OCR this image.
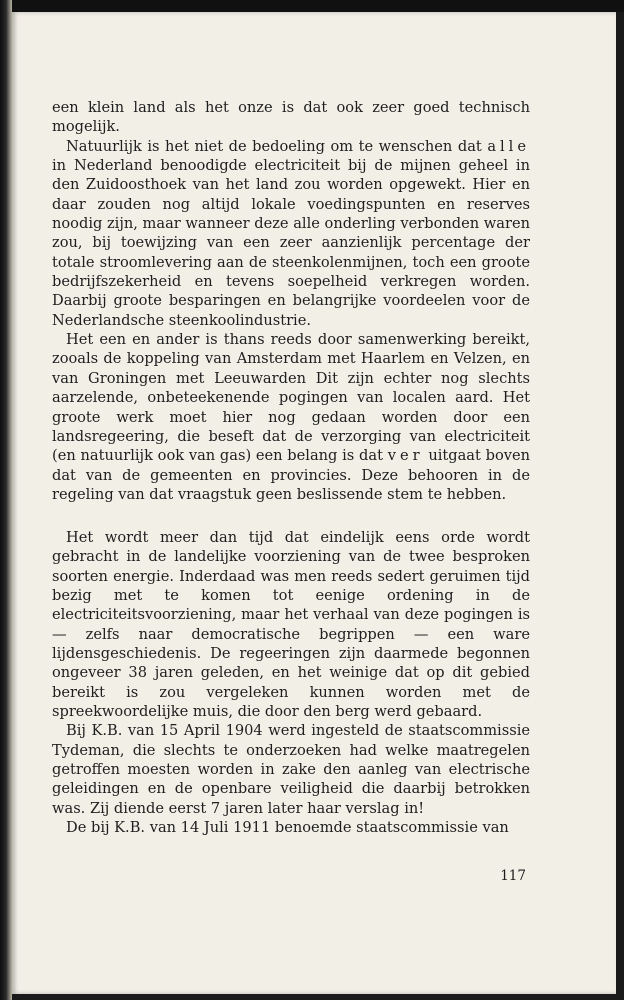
een klein land als het onze is dat ook zeer goed technisch mogelijk.

Natuurlijk is het niet de bedoeling om te wenschen dat alle in Nederland benoodigde electriciteit bij de mijnen geheel in den Zuidoosthoek van het land zou worden opgewekt. Hier en daar zouden nog altijd lokale voedingspunten en reserves noodig zijn, maar wanneer deze alle onderling verbonden waren zou, bij toewijzing van een zeer aanzienlijk percentage der totale stroomlevering aan de steenkolenmijnen, toch een groote bedrijfszekerheid en tevens soepelheid verkregen worden. Daarbij groote besparingen en belangrijke voordeelen voor de Nederlandsche steenkoolindustrie.

Het een en ander is thans reeds door samenwerking bereikt, zooals de koppeling van Amsterdam met Haarlem en Velzen, en van Groningen met Leeuwarden Dit zijn echter nog slechts aarzelende, onbeteekenende pogingen van localen aard. Het groote werk moet hier nog gedaan worden door een landsregeering, die beseft dat de verzorging van electriciteit (en natuurlijk ook van gas) een belang is dat ver uitgaat boven dat van de gemeenten en provincies. Deze behooren in de regeling van dat vraagstuk geen beslissende stem te hebben.

Het wordt meer dan tijd dat eindelijk eens orde wordt gebracht in de landelijke voorziening van de twee besproken soorten energie. Inderdaad was men reeds sedert geruimen tijd bezig met te komen tot eenige ordening in de electriciteitsvoorziening, maar het verhaal van deze pogingen is — zelfs naar democratische begrippen — een ware lijdensgeschiedenis. De regeeringen zijn daarmede begonnen ongeveer 38 jaren geleden, en het weinige dat op dit gebied bereikt is zou vergeleken kunnen worden met de spreekwoordelijke muis, die door den berg werd gebaard.

Bij K.B. van 15 April 1904 werd ingesteld de staatscommissie Tydeman, die slechts te onderzoeken had welke maatregelen getroffen moesten worden in zake den aanleg van electrische geleidingen en de openbare veiligheid die daarbij betrokken was. Zij diende eerst 7 jaren later haar verslag in!

De bij K.B. van 14 Juli 1911 benoemde staatscommissie van

117
